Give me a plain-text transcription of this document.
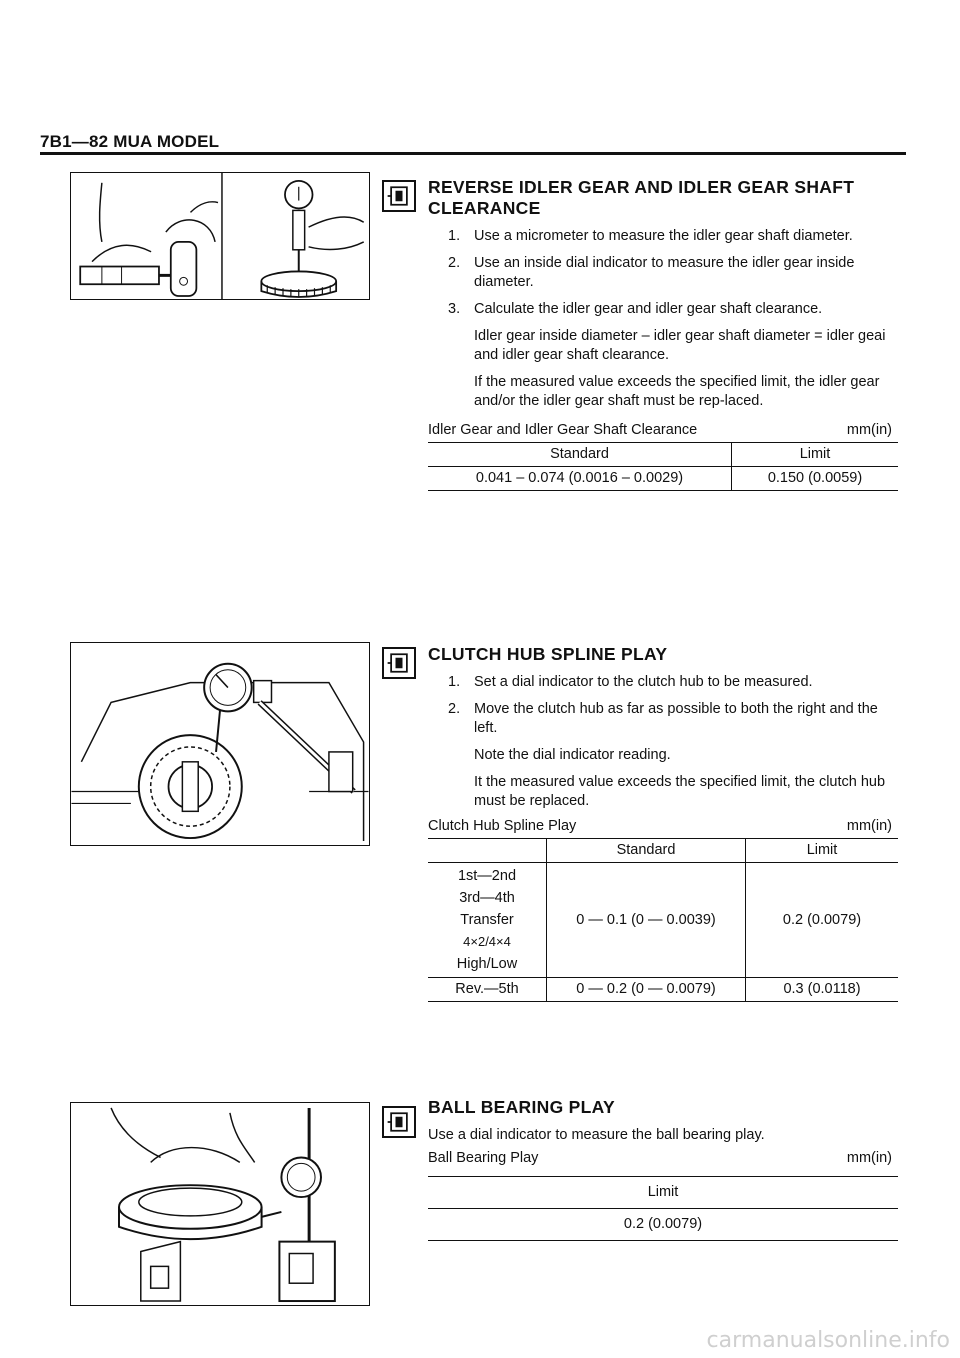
7B1—82 MUA MODEL
REVERSE IDLER GEAR AND IDLER GEAR SHAFT
CLEARANCE
1. Use a micrometer to measure the idler gear shaft diameter.
2. Use an inside dial indicator to measure the idler gear inside diameter.
3. Calculate the idler gear and idler gear shaft clearance.
Idler gear inside diameter – idler gear shaft diameter = idler geai and idler gear shaft clearance.
If the measured value exceeds the specified limit, the idler gear and/or the idler gear shaft must be rep-laced.
Idler Gear and Idler Gear Shaft Clearance	mm(in)
Standard	Limit
0.041 – 0.074 (0.0016 – 0.0029)	0.150 (0.0059)
CLUTCH HUB SPLINE PLAY
1. Set a dial indicator to the clutch hub to be measured.
2. Move the clutch hub as far as possible to both the right and the left.
Note the dial indicator reading.
It the measured value exceeds the specified limit, the clutch hub must be replaced.
Clutch Hub Spline Play	mm(in)
	Standard	Limit

1st—2nd
3rd—4th
Transfer
4×2/4×4
High/Low	0 — 0.1 (0 — 0.0039)	0.2 (0.0079)
Rev.—5th	0 — 0.2 (0 — 0.0079)	0.3 (0.0118)
BALL BEARING PLAY
Use a dial indicator to measure the ball bearing play.
Ball Bearing Play	mm(in)
Limit
0.2 (0.0079)
carmanualsonline.info
